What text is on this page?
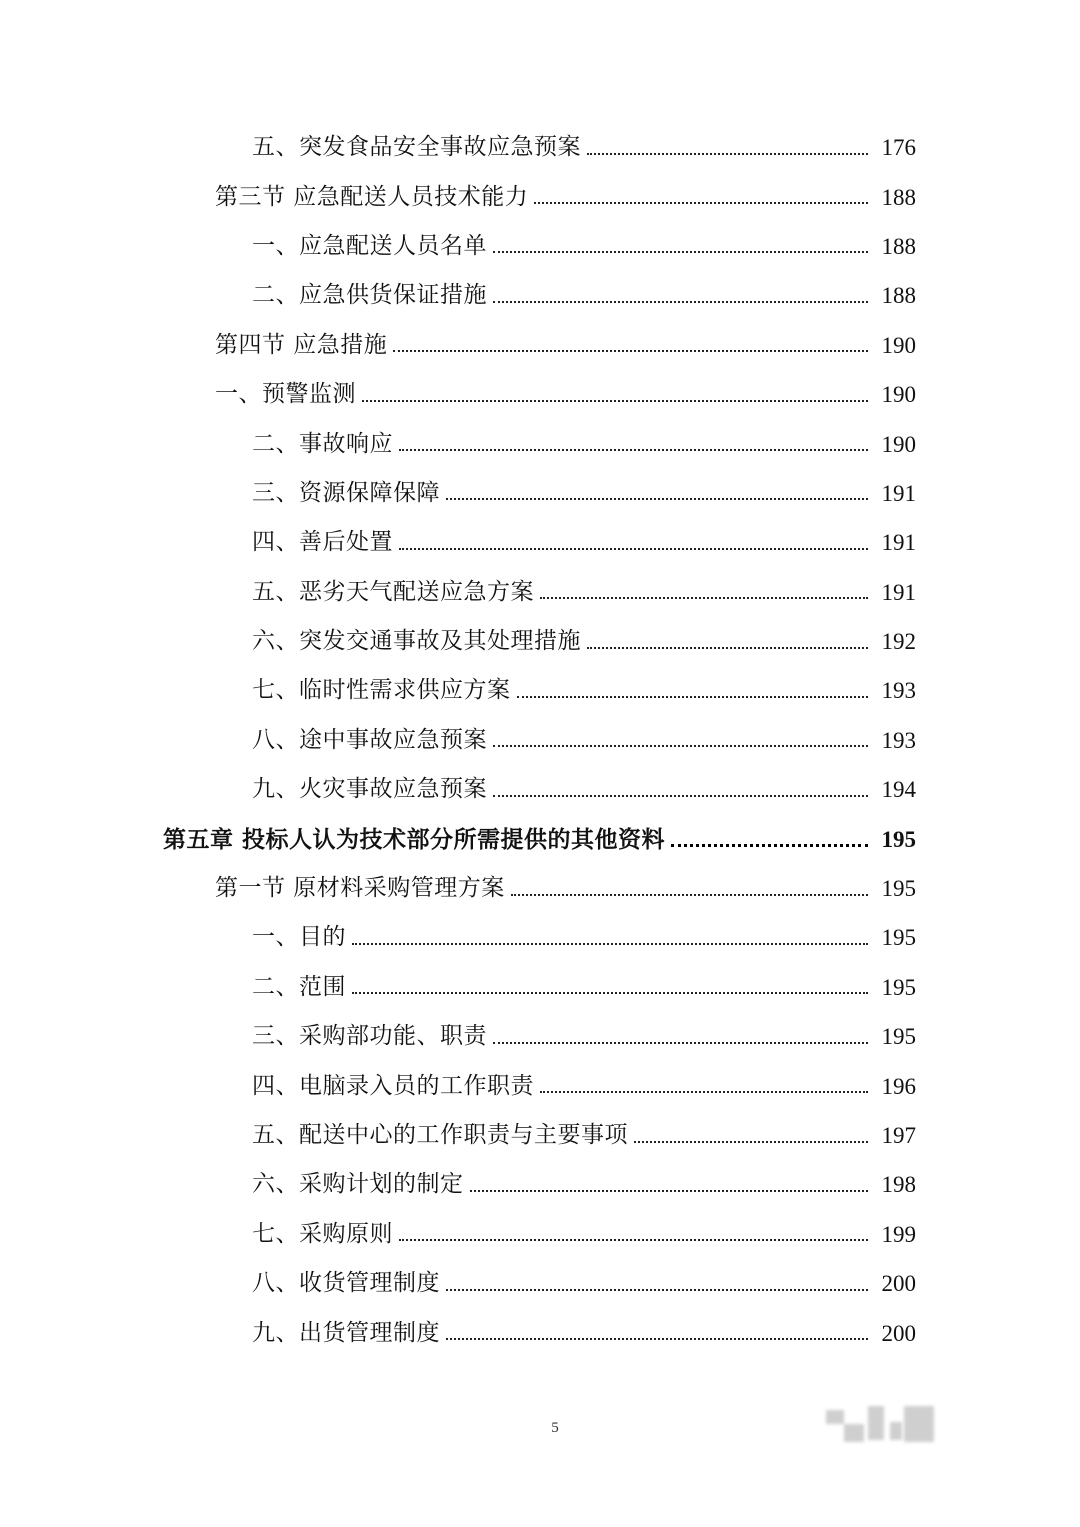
五、突发食品安全事故应急预案	176
第三节 应急配送人员技术能力	188
一、应急配送人员名单	188
二、应急供货保证措施	188
第四节 应急措施	190
一、预警监测	190
二、事故响应	190
三、资源保障保障	191
四、善后处置	191
五、恶劣天气配送应急方案	191
六、突发交通事故及其处理措施	192
七、临时性需求供应方案	193
八、途中事故应急预案	193
九、火灾事故应急预案	194
第五章 投标人认为技术部分所需提供的其他资料	195
第一节 原材料采购管理方案	195
一、目的	195
二、范围	195
三、采购部功能、职责	195
四、电脑录入员的工作职责	196
五、配送中心的工作职责与主要事项	197
六、采购计划的制定	198
七、采购原则	199
八、收货管理制度	200
九、出货管理制度	200
5
